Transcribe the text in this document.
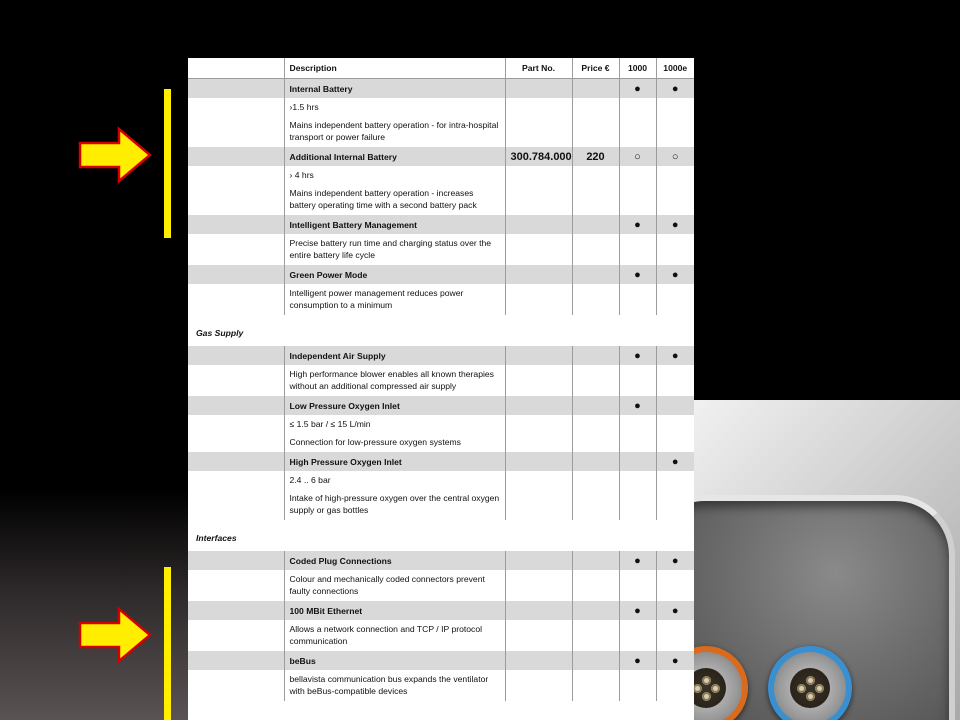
	Description	Part No.	Price €	1000	1000e
	Internal Battery			●	●

	›1.5 hrs
Mains independent battery operation - for intra-hospital transport or power failure				

	Additional Internal Battery	300.784.000	220	○	○

	› 4 hrs
Mains independent battery operation - increases battery operating time with a second battery pack				

	Intelligent Battery Management			●	●

	Precise battery run time and charging status over the entire battery life cycle				

	Green Power Mode			●	●

	Intelligent power management reduces power consumption to a minimum				

Gas Supply					
	Independent Air Supply			●	●

	High performance blower enables all known therapies without an additional compressed air supply				

	Low Pressure Oxygen Inlet			●	

	≤ 1.5 bar / ≤ 15 L/min
Connection for low-pressure oxygen systems				

	High Pressure Oxygen Inlet				●

	2.4 .. 6 bar
Intake of high-pressure oxygen over the central oxygen supply or gas bottles				

Interfaces					
	Coded Plug Connections			●	●

	Colour and mechanically coded connectors prevent faulty connections				

	100 MBit Ethernet			●	●

	Allows a network connection and TCP / IP protocol communication				

	beBus			●	●

	bellavista communication bus expands the ventilator with beBus-compatible devices				
